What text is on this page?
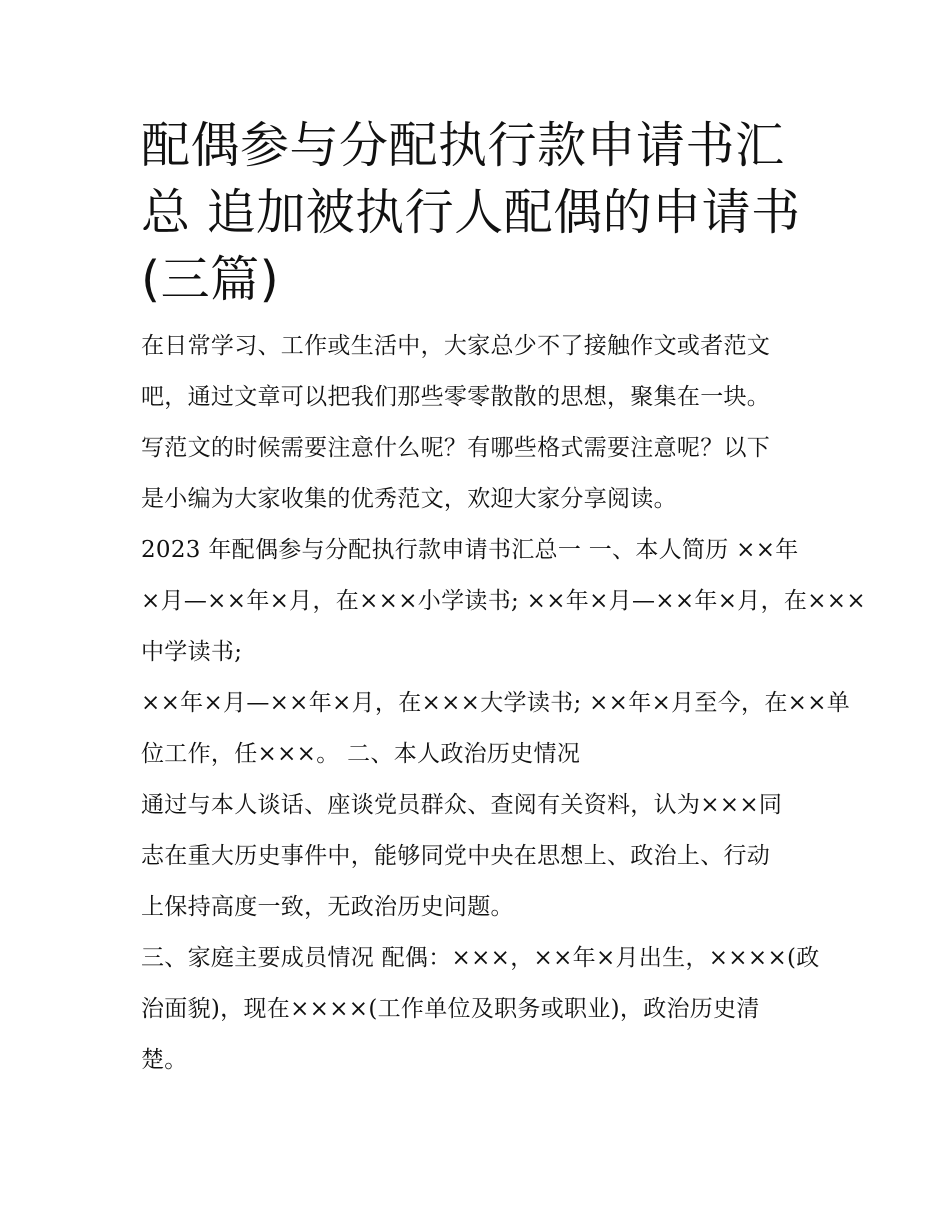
配偶参与分配执行款申请书汇
总 追加被执行人配偶的申请书
(三篇)

在日常学习、工作或生活中，大家总少不了接触作文或者范文
吧，通过文章可以把我们那些零零散散的思想，聚集在一块。
写范文的时候需要注意什么呢？有哪些格式需要注意呢？以下
是小编为大家收集的优秀范文，欢迎大家分享阅读。

2023 年配偶参与分配执行款申请书汇总一 一、本人简历 ××年
×月—××年×月，在×××小学读书; ××年×月—××年×月，在×××
中学读书;

××年×月—××年×月，在×××大学读书; ××年×月至今，在××单
位工作，任×××。 二、本人政治历史情况

通过与本人谈话、座谈党员群众、查阅有关资料，认为×××同
志在重大历史事件中，能够同党中央在思想上、政治上、行动
上保持高度一致，无政治历史问题。

三、家庭主要成员情况 配偶：×××，××年×月出生，××××(政
治面貌)，现在××××(工作单位及职务或职业)，政治历史清
楚。
